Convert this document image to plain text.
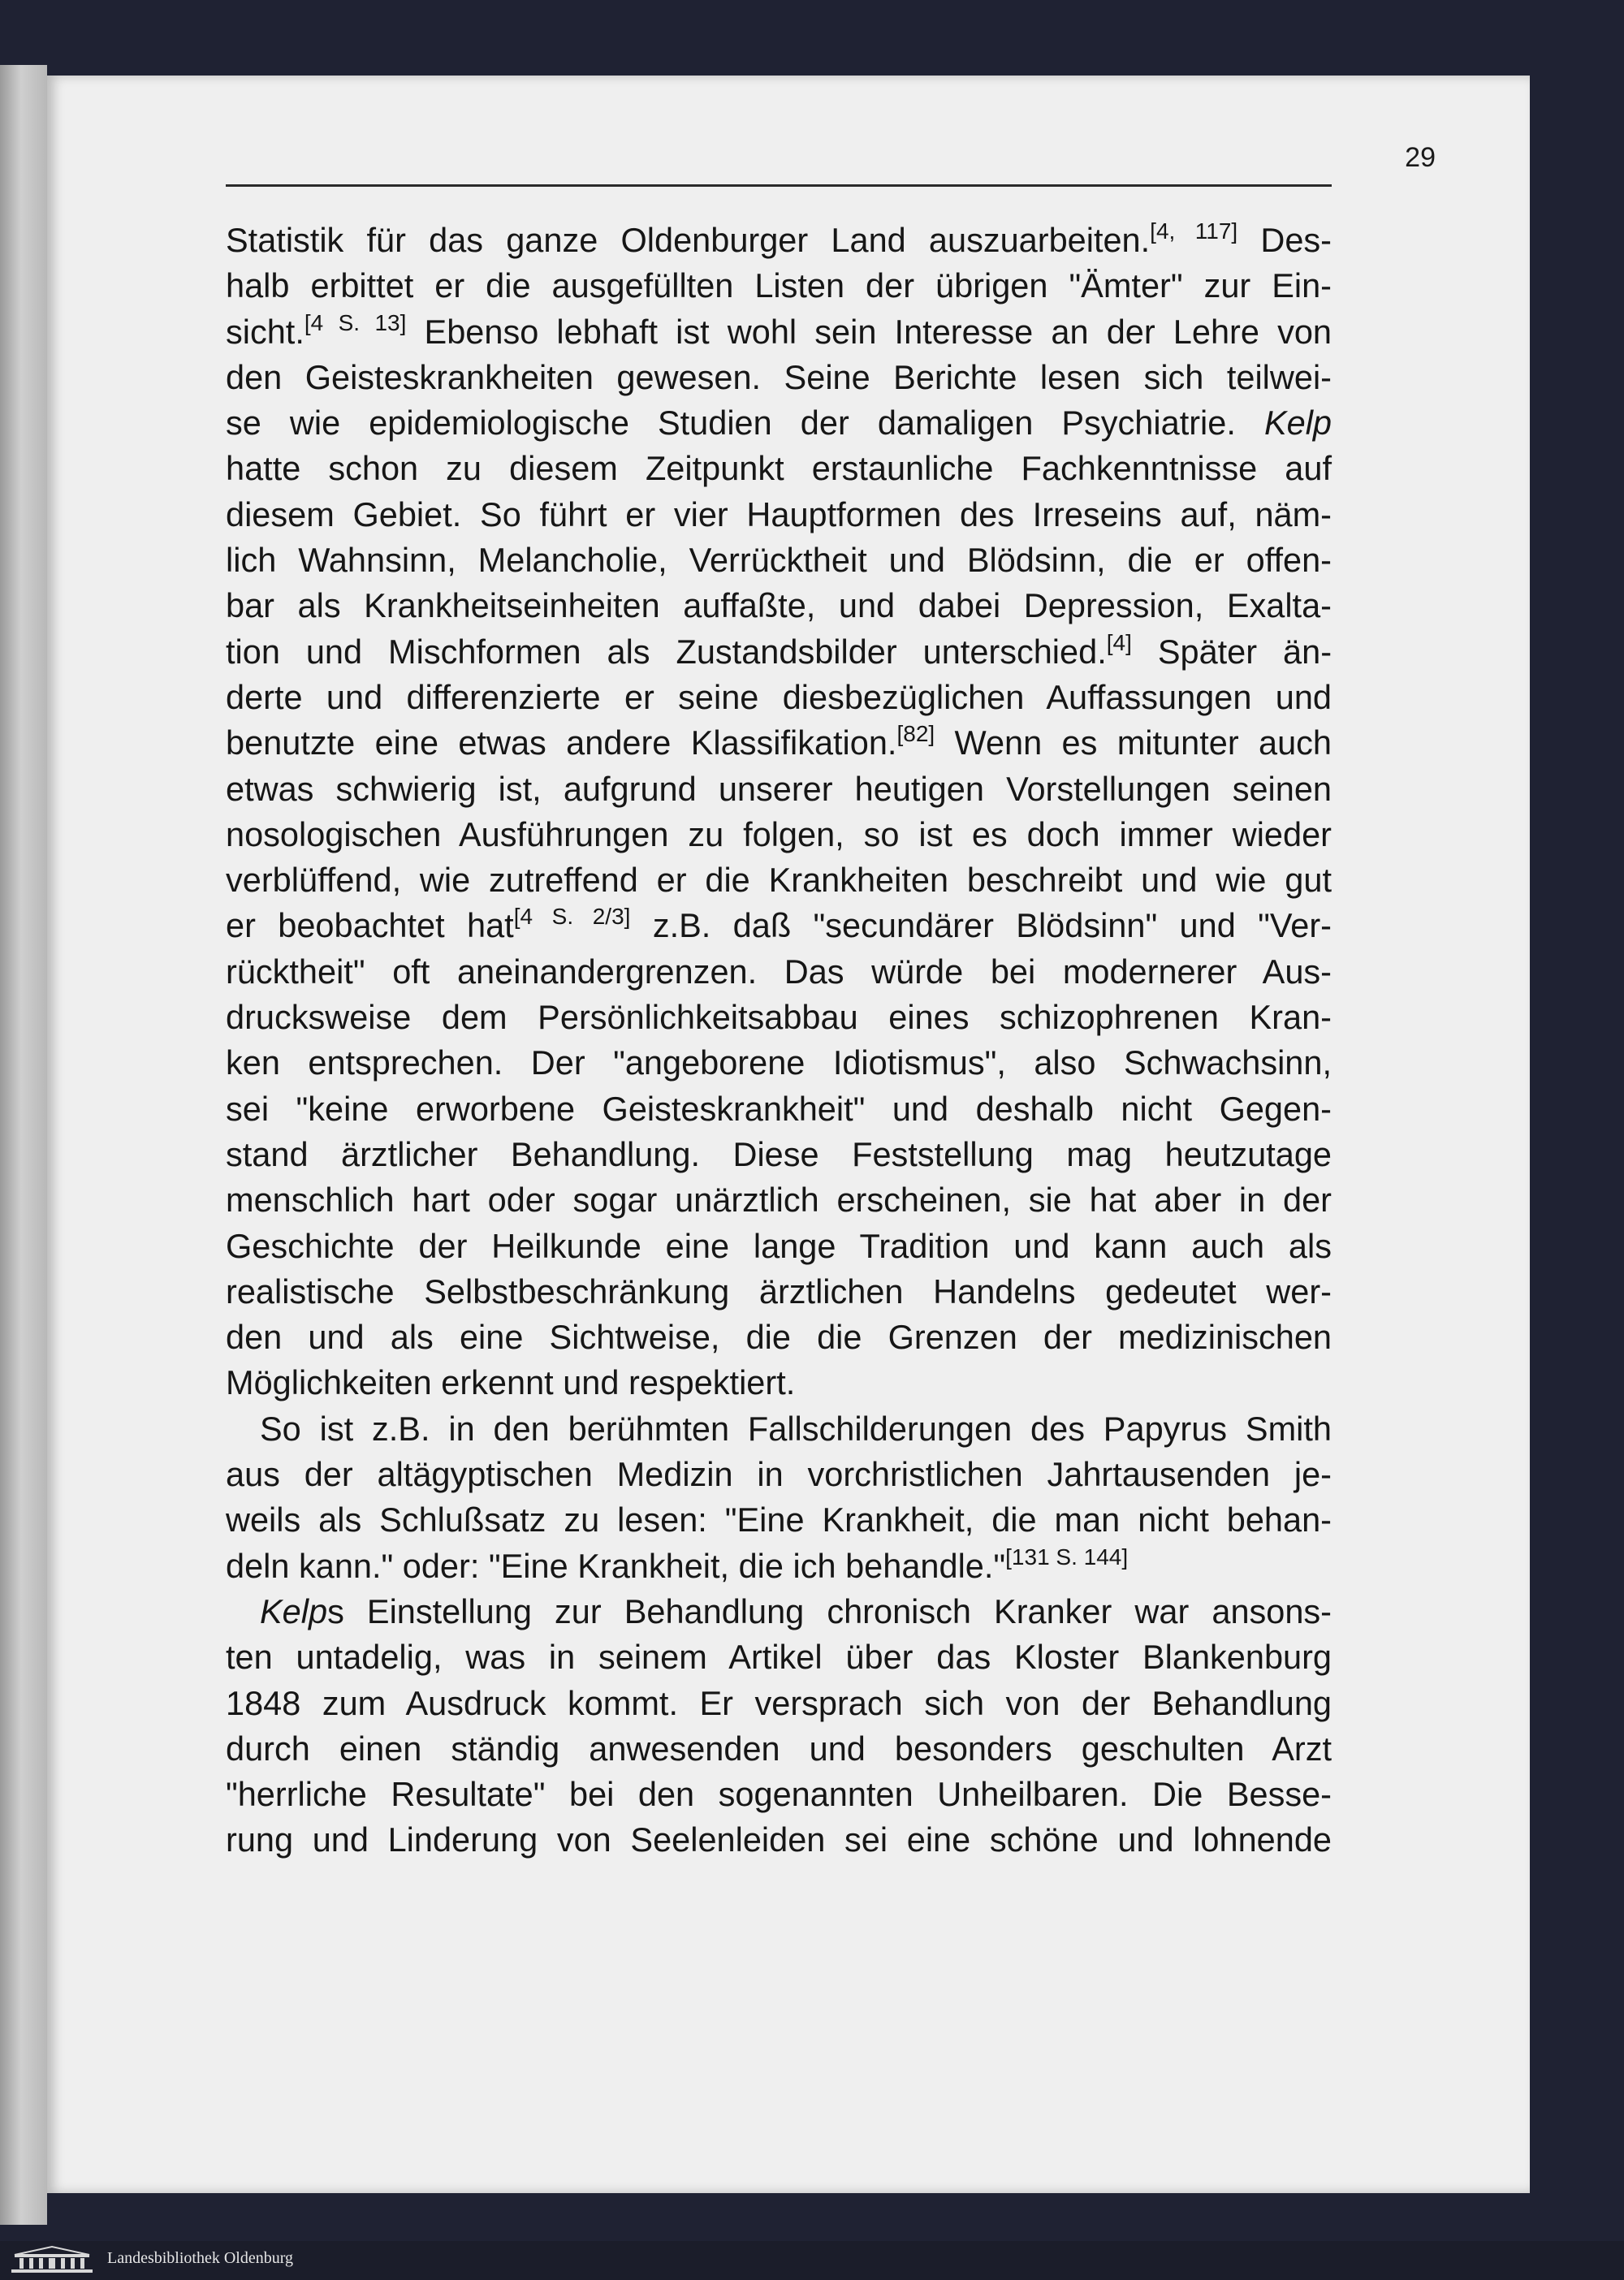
29
Statistik für das ganze Oldenburger Land auszuarbeiten.[4, 117] Des-
halb erbittet er die ausgefüllten Listen der übrigen "Ämter" zur Ein-
sicht.[4 S. 13] Ebenso lebhaft ist wohl sein Interesse an der Lehre von
den Geisteskrankheiten gewesen. Seine Berichte lesen sich teilwei-
se wie epidemiologische Studien der damaligen Psychiatrie. Kelp
hatte schon zu diesem Zeitpunkt erstaunliche Fachkenntnisse auf
diesem Gebiet. So führt er vier Hauptformen des Irreseins auf, näm-
lich Wahnsinn, Melancholie, Verrücktheit und Blödsinn, die er offen-
bar als Krankheitseinheiten auffaßte, und dabei Depression, Exalta-
tion und Mischformen als Zustandsbilder unterschied.[4] Später än-
derte und differenzierte er seine diesbezüglichen Auffassungen und
benutzte eine etwas andere Klassifikation.[82] Wenn es mitunter auch
etwas schwierig ist, aufgrund unserer heutigen Vorstellungen seinen
nosologischen Ausführungen zu folgen, so ist es doch immer wieder
verblüffend, wie zutreffend er die Krankheiten beschreibt und wie gut
er beobachtet hat[4 S. 2/3] z.B. daß "secundärer Blödsinn" und "Ver-
rücktheit" oft aneinandergrenzen. Das würde bei modernerer Aus-
drucksweise dem Persönlichkeitsabbau eines schizophrenen Kran-
ken entsprechen. Der "angeborene Idiotismus", also Schwachsinn,
sei "keine erworbene Geisteskrankheit" und deshalb nicht Gegen-
stand ärztlicher Behandlung. Diese Feststellung mag heutzutage
menschlich hart oder sogar unärztlich erscheinen, sie hat aber in der
Geschichte der Heilkunde eine lange Tradition und kann auch als
realistische Selbstbeschränkung ärztlichen Handelns gedeutet wer-
den und als eine Sichtweise, die die Grenzen der medizinischen
Möglichkeiten erkennt und respektiert.
So ist z.B. in den berühmten Fallschilderungen des Papyrus Smith
aus der altägyptischen Medizin in vorchristlichen Jahrtausenden je-
weils als Schlußsatz zu lesen: "Eine Krankheit, die man nicht behan-
deln kann." oder: "Eine Krankheit, die ich behandle."[131 S. 144]
Kelps Einstellung zur Behandlung chronisch Kranker war ansons-
ten untadelig, was in seinem Artikel über das Kloster Blankenburg
1848 zum Ausdruck kommt. Er versprach sich von der Behandlung
durch einen ständig anwesenden und besonders geschulten Arzt
"herrliche Resultate" bei den sogenannten Unheilbaren. Die Besse-
rung und Linderung von Seelenleiden sei eine schöne und lohnende
Landesbibliothek Oldenburg
